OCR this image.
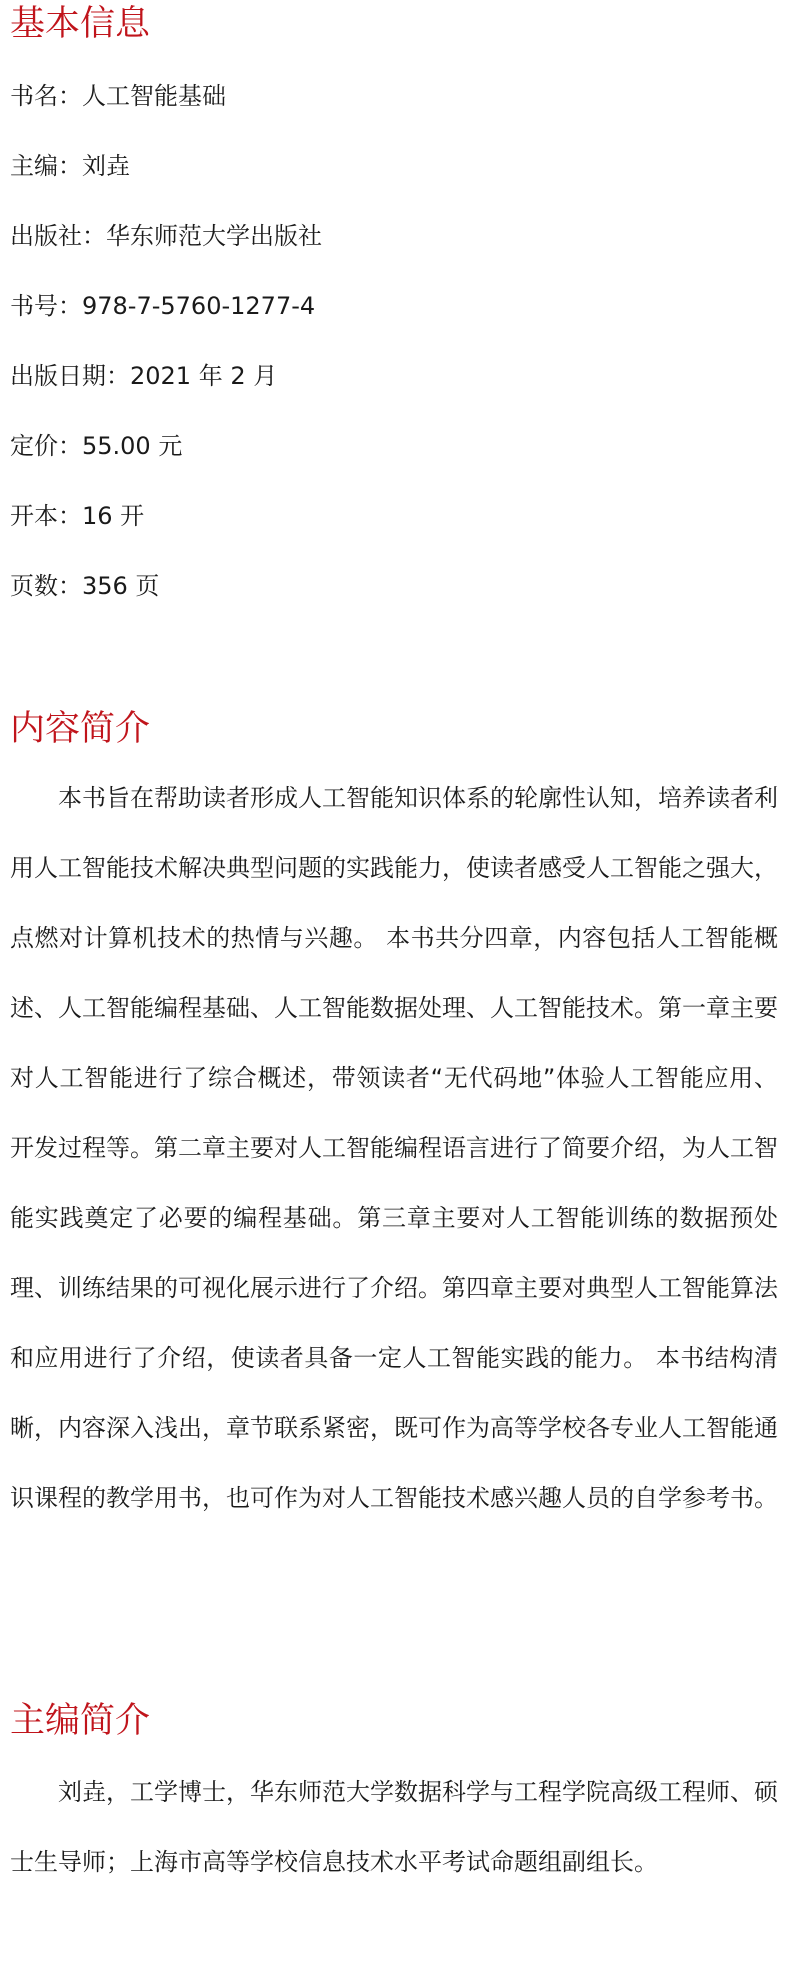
基本信息
书名：人工智能基础
主编：刘垚
出版社：华东师范大学出版社
书号：978-7-5760-1277-4
出版日期：2021 年 2 月
定价：55.00 元
开本：16 开
页数：356 页
内容简介

本书旨在帮助读者形成人工智能知识体系的轮廓性认知，培养读者利用人工智能技术解决典型问题的实践能力，使读者感受人工智能之强大，点燃对计算机技术的热情与兴趣。 本书共分四章，内容包括人工智能概述、人工智能编程基础、人工智能数据处理、人工智能技术。第一章主要对人工智能进行了综合概述，带领读者“无代码地”体验人工智能应用、开发过程等。第二章主要对人工智能编程语言进行了简要介绍，为人工智能实践奠定了必要的编程基础。第三章主要对人工智能训练的数据预处理、训练结果的可视化展示进行了介绍。第四章主要对典型人工智能算法和应用进行了介绍，使读者具备一定人工智能实践的能力。 本书结构清晰，内容深入浅出，章节联系紧密，既可作为高等学校各专业人工智能通识课程的教学用书，也可作为对人工智能技术感兴趣人员的自学参考书。

主编简介

刘垚，工学博士，华东师范大学数据科学与工程学院高级工程师、硕士生导师；上海市高等学校信息技术水平考试命题组副组长。
